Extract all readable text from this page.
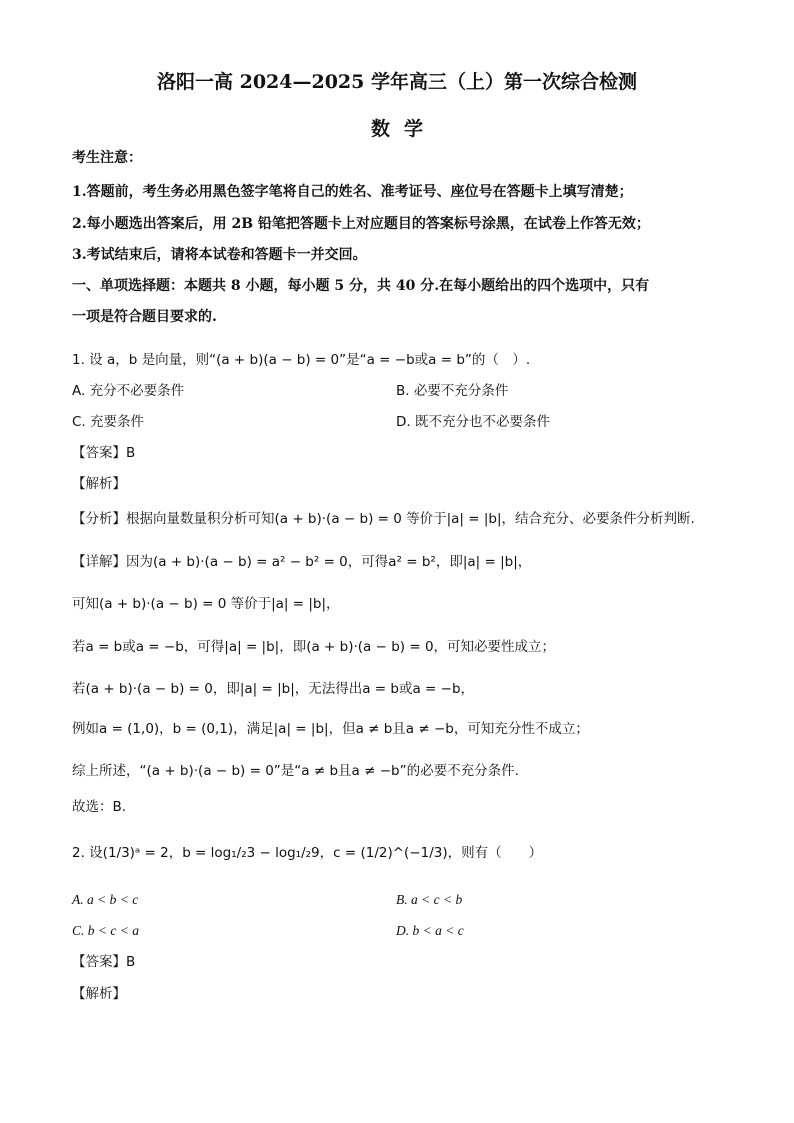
洛阳一高 2024—2025 学年高三（上）第一次综合检测
数学
考生注意：
1.答题前，考生务必用黑色签字笔将自己的姓名、准考证号、座位号在答题卡上填写清楚；
2.每小题选出答案后，用 2B 铅笔把答题卡上对应题目的答案标号涂黑，在试卷上作答无效；
3.考试结束后，请将本试卷和答题卡一并交回。
一、单项选择题：本题共 8 小题，每小题 5 分，共 40 分.在每小题给出的四个选项中，只有
一项是符合题目要求的.
1. 设 a，b 是向量，则“(a + b)(a − b) = 0”是“a = −b或a = b”的（　）.
A. 充分不必要条件	B. 必要不充分条件
C. 充要条件	D. 既不充分也不必要条件
【答案】B
【解析】
【分析】根据向量数量积分析可知(a + b)·(a − b) = 0 等价于|a| = |b|，结合充分、必要条件分析判断.
【详解】因为(a + b)·(a − b) = a² − b² = 0，可得a² = b²，即|a| = |b|，
可知(a + b)·(a − b) = 0 等价于|a| = |b|，
若a = b或a = −b，可得|a| = |b|，即(a + b)·(a − b) = 0，可知必要性成立；
若(a + b)·(a − b) = 0，即|a| = |b|，无法得出a = b或a = −b，
例如a = (1,0)，b = (0,1)，满足|a| = |b|，但a ≠ b且a ≠ −b，可知充分性不成立；
综上所述，“(a + b)·(a − b) = 0”是“a ≠ b且a ≠ −b”的必要不充分条件.
故选：B.
2. 设(1/3)ᵃ = 2，b = log₁/₂3 − log₁/₂9，c = (1/2)^(−1/3)，则有（　　）
A. a < b < c	B. a < c < b
C. b < c < a	D. b < a < c
【答案】B
【解析】
